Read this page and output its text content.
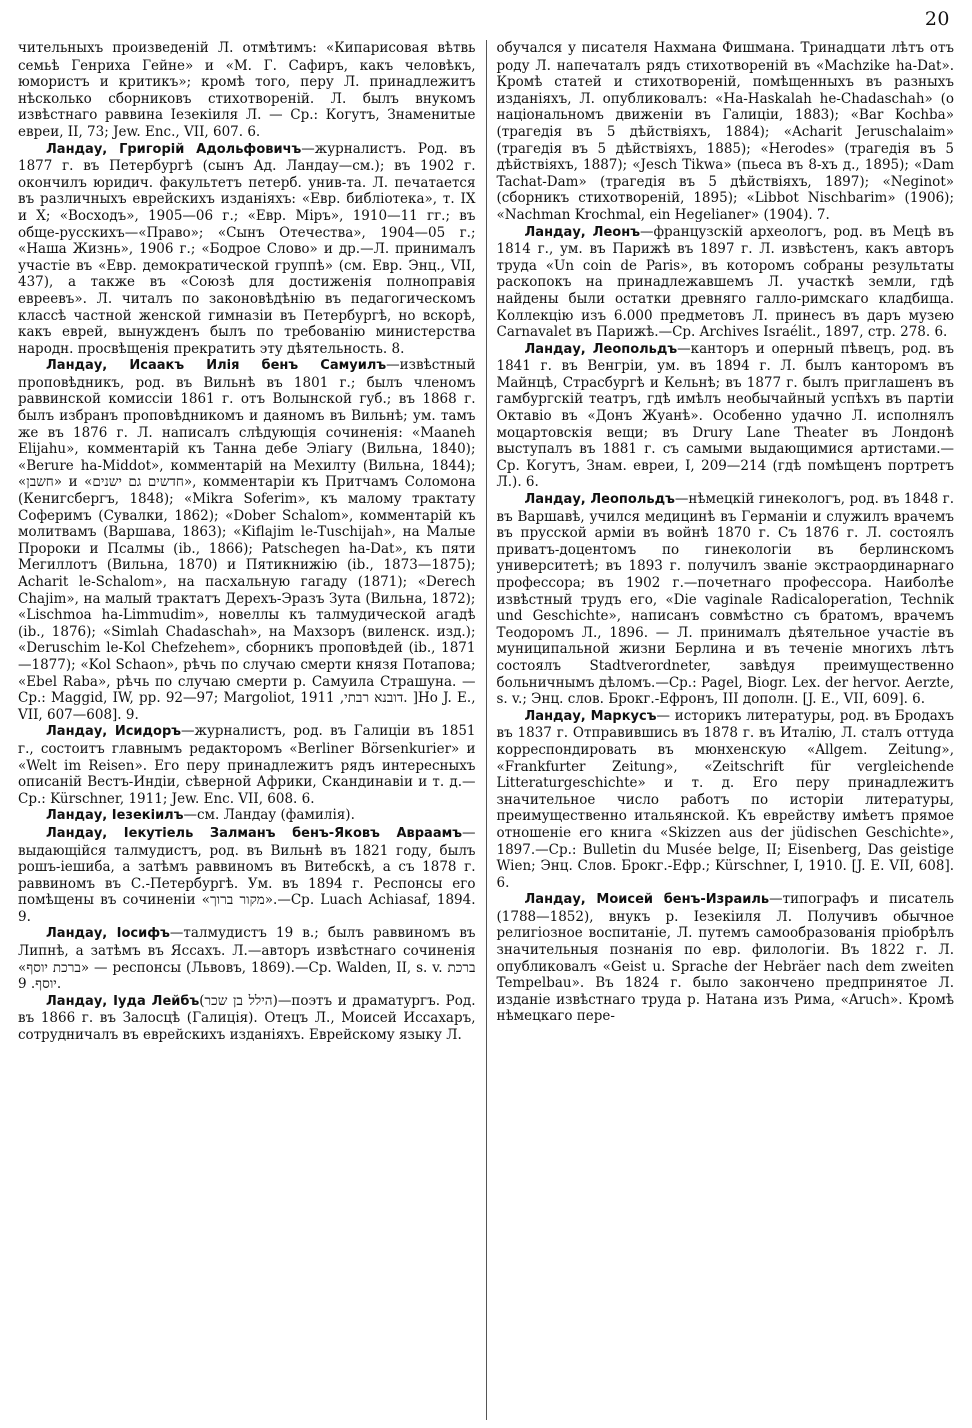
20

чительныхъ произведеній Л. отмѣтимъ: «Кипарисовая вѣтвь семьѣ Генриха Гейне» и «М. Г. Сафиръ, какъ человѣкъ, юмористъ и критикъ»; кромѣ того, перу Л. принадлежитъ нѣсколько сборниковъ стихотвореній. Л. былъ внукомъ извѣстнаго раввина Іезекіиля Л. — Ср.: Когутъ, Знаменитые евреи, II, 73; Jew. Enc., VII, 607. 6.

Ландау, Григорій Адольфовичъ—журналистъ. Род. въ 1877 г. въ Петербургѣ (сынъ Ад. Ландау—см.); въ 1902 г. окончилъ юридич. факультетъ петерб. унив-та. Л. печатается въ различныхъ еврейскихъ изданіяхъ: «Евр. библіотека», т. IX и X; «Восходъ», 1905—06 г.; «Евр. Міръ», 1910—11 гг.; въ обще-русскихъ—«Право»; «Сынъ Отечества», 1904—05 г.; «Наша Жизнь», 1906 г.; «Бодрое Слово» и др.—Л. принималъ участіе въ «Евр. демократической группѣ» (см. Евр. Энц., VII, 437), а также въ «Союзѣ для достиженія полноправія евреевъ». Л. читалъ по законовѣдѣнію въ педагогическомъ классѣ частной женской гимназіи въ Петербургѣ, но вскорѣ, какъ еврей, вынужденъ былъ по требованію министерства народн. просвѣщенія прекратить эту дѣятельность. 8.

Ландау, Исаакъ Илія бенъ Самуилъ—извѣстный проповѣдникъ, род. въ Вильнѣ въ 1801 г.; былъ членомъ раввинской комиссіи 1861 г. отъ Волынской губ.; въ 1868 г. былъ избранъ проповѣдникомъ и даяномъ въ Вильнѣ; ум. тамъ же въ 1876 г. Л. написалъ слѣдующія сочиненія: «Maaneh Elijahu», комментарій къ Танна дебе Эліагу (Вильна, 1840); «Berure ha-Middot», комментарій на Мехилту (Вильна, 1844); «חשבן» и «חדשים גם ישנים», комментаріи къ Притчамъ Соломона (Кенигсбергъ, 1848); «Mikra Soferim», къ малому трактату Соферимъ (Сувалки, 1862); «Dober Schalom», комментарій къ молитвамъ (Варшава, 1863); «Kiflajim le-Tuschijah», на Малые Пророки и Псалмы (ib., 1866); Patschegen ha-Dat», къ пяти Мегиллотъ (Вильна, 1870) и Пятикнижію (ib., 1873—1875); Acharit le-Schalom», на пасхальную гагаду (1871); «Derech Chajim», на малый трактатъ Дерехъ-Эразъ Зута (Вильна, 1872); «Lischmoa ha-Limmudim», новеллы къ талмудической агадѣ (ib., 1876); «Simlah Chadaschah», на Махзоръ (виленск. изд.); «Deruschim le-Kol Chefzehem», сборникъ проповѣдей (ib., 1871—1877); «Kol Schaon», рѣчь по случаю смерти князя Потапова; «Ebel Raba», рѣчь по случаю смерти р. Самуила Страшуна. — Ср.: Maggid, IW, pp. 92—97; Margoliot, דובנא רבתי, 1911. ]Но J. E., VII, 607—608]. 9.

Ландау, Исидоръ—журналистъ, род. въ Галиціи въ 1851 г., состоитъ главнымъ редакторомъ «Berliner Börsenkurier» и «Welt im Reisen». Его перу принадлежитъ рядъ интересныхъ описаній Вестъ-Индіи, сѣверной Африки, Скандинавіи и т. д.—Ср.: Kürschner, 1911; Jew. Enc. VII, 608. 6.

Ландау, Іезекіилъ—см. Ландау (фамилія).

Ландау, Іекутіель Залманъ бенъ-Яковъ Авраамъ—выдающійся талмудистъ, род. въ Вильнѣ въ 1821 году, былъ рошъ-іешиба, а затѣмъ раввиномъ въ Витебскѣ, а съ 1878 г. раввиномъ въ С.-Петербургѣ. Ум. въ 1894 г. Респонсы его помѣщены въ сочиненіи «מקור ברוך».—Ср. Luach Achiasaf, 1894. 9.

Ландау, Іосифъ—талмудистъ 19 в.; былъ раввиномъ въ Липнѣ, а затѣмъ въ Яссахъ. Л.—авторъ извѣстнаго сочиненія «ברכת יוסף» — респонсы (Львовъ, 1869).—Ср. Walden, II, s. v. ברכת יוסף. 9.

Ландау, Іуда Лейбъ(הילל בן שכר)—поэтъ и драматургъ. Род. въ 1866 г. въ Залосцѣ (Галиція). Отецъ Л., Моисей Иссахаръ, сотрудничалъ въ еврейскихъ изданіяхъ. Еврейскому языку Л.

обучался у писателя Нахмана Фишмана. Тринадцати лѣтъ отъ роду Л. напечаталъ рядъ стихотвореній въ «Machzike ha-Dat». Кромѣ статей и стихотвореній, помѣщенныхъ въ разныхъ изданіяхъ, Л. опубликовалъ: «Ha-Haskalah he-Chadaschah» (о національномъ движеніи въ Галиціи, 1883); «Bar Kochba» (трагедія въ 5 дѣйствіяхъ, 1884); «Acharit Jeruschalaim» (трагедія въ 5 дѣйствіяхъ, 1885); «Herodes» (трагедія въ 5 дѣйствіяхъ, 1887); «Jesch Tikwa» (пьеса въ 8-хъ д., 1895); «Dam Tachat-Dam» (трагедія въ 5 дѣйствіяхъ, 1897); «Neginot» (сборникъ стихотвореній, 1895); «Libbot Nischbarim» (1906); «Nachman Krochmal, ein Hegelianer» (1904). 7.

Ландау, Леонъ—французскій археологъ, род. въ Мецѣ въ 1814 г., ум. въ Парижѣ въ 1897 г. Л. извѣстенъ, какъ авторъ труда «Un coin de Paris», въ которомъ собраны результаты раскопокъ на принадлежавшемъ Л. участкѣ земли, гдѣ найдены были остатки древняго галло-римскаго кладбища. Коллекцію изъ 6.000 предметовъ Л. принесъ въ даръ музею Carnavalet въ Парижѣ.—Ср. Archives Israélit., 1897, стр. 278. 6.

Ландау, Леопольдъ—канторъ и оперный пѣвецъ, род. въ 1841 г. въ Венгріи, ум. въ 1894 г. Л. былъ канторомъ въ Майнцѣ, Страсбургѣ и Кельнѣ; въ 1877 г. былъ приглашенъ въ гамбургскій театръ, гдѣ имѣлъ необычайный успѣхъ въ партіи Октавіо въ «Донъ Жуанѣ». Особенно удачно Л. исполнялъ моцартовскія вещи; въ Drury Lane Theater въ Лондонѣ выступалъ въ 1881 г. съ самыми выдающимися артистами.—Ср. Когутъ, Знам. евреи, I, 209—214 (гдѣ помѣщенъ портретъ Л.). 6.

Ландау, Леопольдъ—нѣмецкій гинекологъ, род. въ 1848 г. въ Варшавѣ, учился медицинѣ въ Германіи и служилъ врачемъ въ прусской арміи въ войнѣ 1870 г. Съ 1876 г. Л. состоялъ приватъ-доцентомъ по гинекологіи въ берлинскомъ университетѣ; въ 1893 г. получилъ званіе экстраординарнаго профессора; въ 1902 г.—почетнаго профессора. Наиболѣе извѣстный трудъ его, «Die vaginale Radicaloperation, Technik und Geschichte», написанъ совмѣстно съ братомъ, врачемъ Теодоромъ Л., 1896. — Л. принималъ дѣятельное участіе въ муниципальной жизни Берлина и въ теченіе многихъ лѣтъ состоялъ Stadtverordneter, завѣдуя преимущественно больничнымъ дѣломъ.—Ср.: Pagel, Biogr. Lex. der hervor. Aerzte, s. v.; Энц. слов. Брокг.-Ефронъ, III дополн. [J. E., VII, 609]. 6.

Ландау, Маркусъ— историкъ литературы, род. въ Бродахъ въ 1837 г. Отправившись въ 1878 г. въ Италію, Л. сталъ оттуда корреспондировать въ мюнхенскую «Allgem. Zeitung», «Frankfurter Zeitung», «Zeitschrift für vergleichende Litteraturgeschichte» и т. д. Его перу принадлежитъ значительное число работъ по исторіи литературы, преимущественно итальянской. Къ еврейству имѣетъ прямое отношеніе его книга «Skizzen aus der jüdischen Geschichte», 1897.—Ср.: Bulletin du Musée belge, II; Eisenberg, Das geistige Wien; Энц. Слов. Брокг.-Ефр.; Kürschner, I, 1910. [J. E. VII, 608]. 6.

Ландау, Моисей бенъ-Израиль—типографъ и писатель (1788—1852), внукъ р. Іезекіиля Л. Получивъ обычное религіозное воспитаніе, Л. путемъ самообразованія пріобрѣлъ значительныя познанія по евр. филологіи. Въ 1822 г. Л. опубликовалъ «Geist u. Sprache der Hebräer nach dem zweiten Tempelbau». Въ 1824 г. было закончено предпринятое Л. изданіе извѣстнаго труда р. Натана изъ Рима, «Aruch». Кромѣ нѣмецкаго пере-
